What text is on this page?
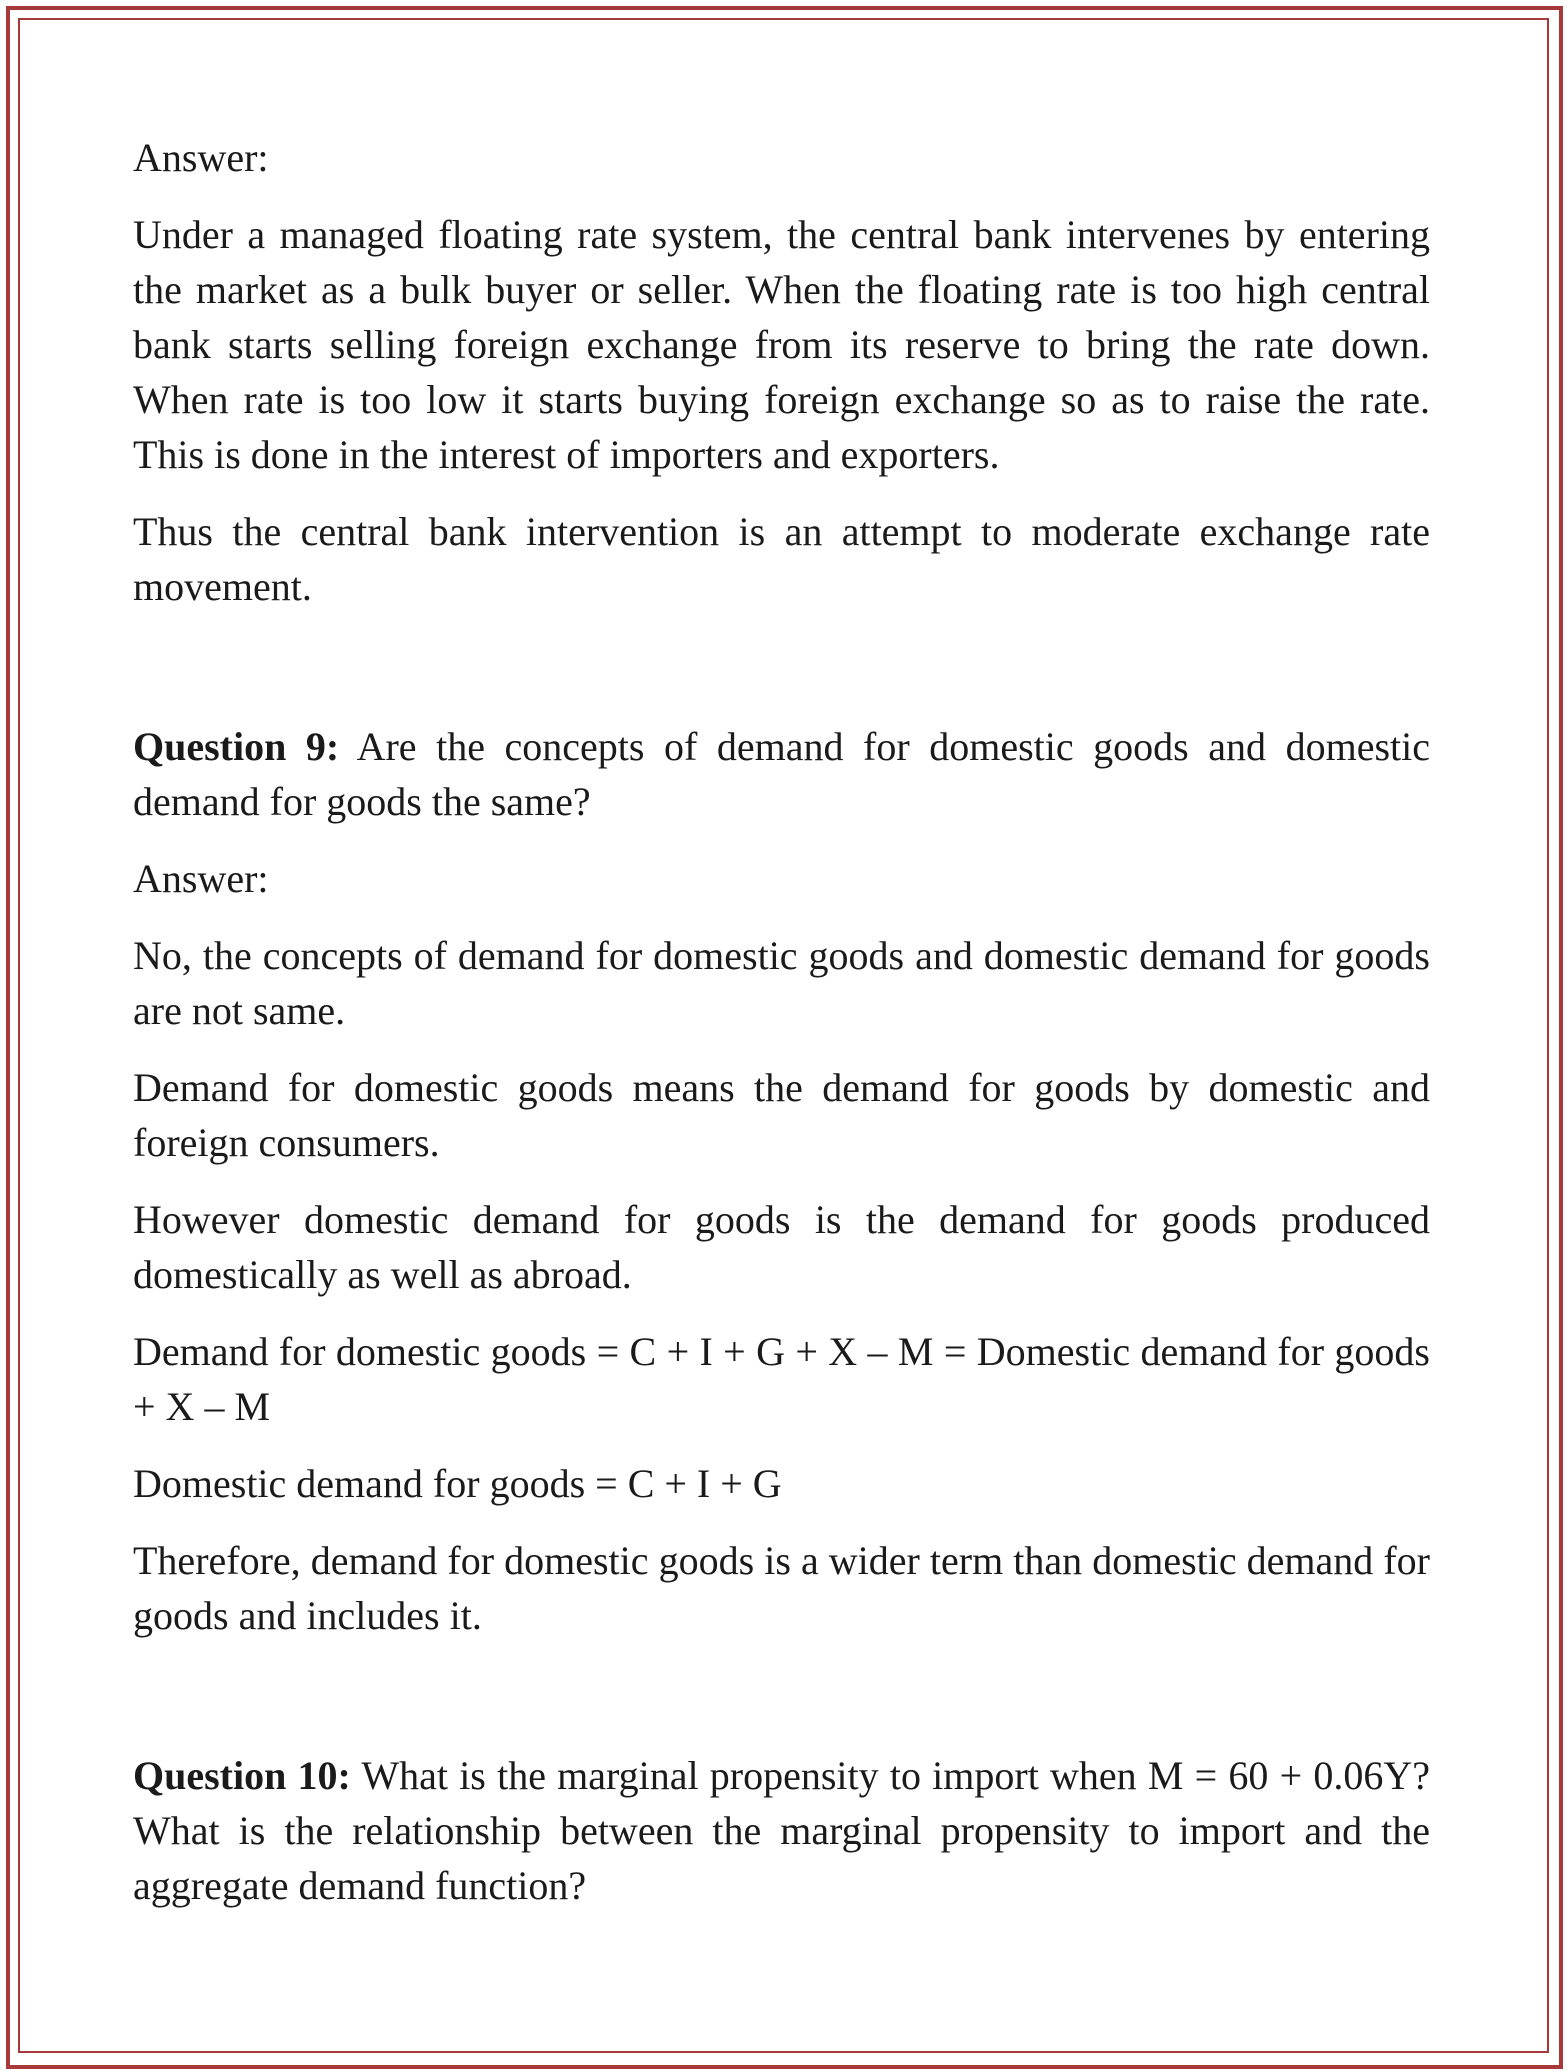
Answer:

Under a managed floating rate system, the central bank intervenes by entering the market as a bulk buyer or seller. When the floating rate is too high central bank starts selling foreign exchange from its reserve to bring the rate down. When rate is too low it starts buying foreign exchange so as to raise the rate. This is done in the interest of importers and exporters.

Thus the central bank intervention is an attempt to moderate exchange rate movement.

Question 9: Are the concepts of demand for domestic goods and domestic demand for goods the same?

Answer:

No, the concepts of demand for domestic goods and domestic demand for goods are not same.

Demand for domestic goods means the demand for goods by domestic and foreign consumers.

However domestic demand for goods is the demand for goods produced domestically as well as abroad.

Demand for domestic goods = C + I + G + X – M = Domestic demand for goods + X – M

Domestic demand for goods = C + I + G

Therefore, demand for domestic goods is a wider term than domestic demand for goods and includes it.

Question 10: What is the marginal propensity to import when M = 60 + 0.06Y? What is the relationship between the marginal propensity to import and the aggregate demand function?
